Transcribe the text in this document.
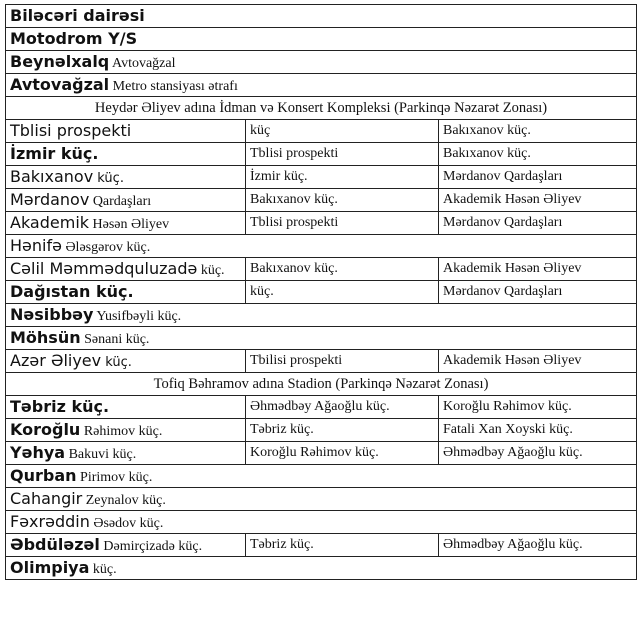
Biləcəri dairəsi		
Motodrom Y/S		
Beynəlxalq Avtovağzal		
Avtovağzal Metro stansiyası ətrafı		
Heydər Əliyev adına İdman və Konsert Kompleksi (Parkinqə Nəzarət Zonası)		
Tblisi prospekti	küç	Bakıxanov küç.
İzmir küç.	Tblisi prospekti	Bakıxanov küç.
Bakıxanov küç.	İzmir küç.	Mərdanov Qardaşları
Mərdanov Qardaşları	Bakıxanov küç.	Akademik Həsən Əliyev
Akademik Həsən Əliyev	Tblisi prospekti	Mərdanov Qardaşları
Hənifə Ələsgərov küç.		
Cəlil Məmmədquluzadə küç.	Bakıxanov küç.	Akademik Həsən Əliyev
Dağıstan küç.	küç.	Mərdanov Qardaşları
Nəsibbəy Yusifbəyli küç.		
Möhsün Sənani küç.		
Azər Əliyev küç.	Tbilisi prospekti	Akademik Həsən Əliyev
Tofiq Bəhramov adına Stadion (Parkinqə Nəzarət Zonası)		
Təbriz küç.	Əhmədbəy Ağaoğlu küç.	Koroğlu Rəhimov küç.
Koroğlu Rəhimov küç.	Təbriz küç.	Fatali Xan Xoyski küç.
Yəhya Bakuvi küç.	Koroğlu Rəhimov küç.	Əhmədbəy Ağaoğlu küç.
Qurban Pirimov küç.		
Cahangir Zeynalov küç.		
Fəxrəddin Əsədov küç.		
Əbdüləzəl Dəmirçizadə küç.	Təbriz küç.	Əhmədbəy Ağaoğlu küç.
Olimpiya küç.		
